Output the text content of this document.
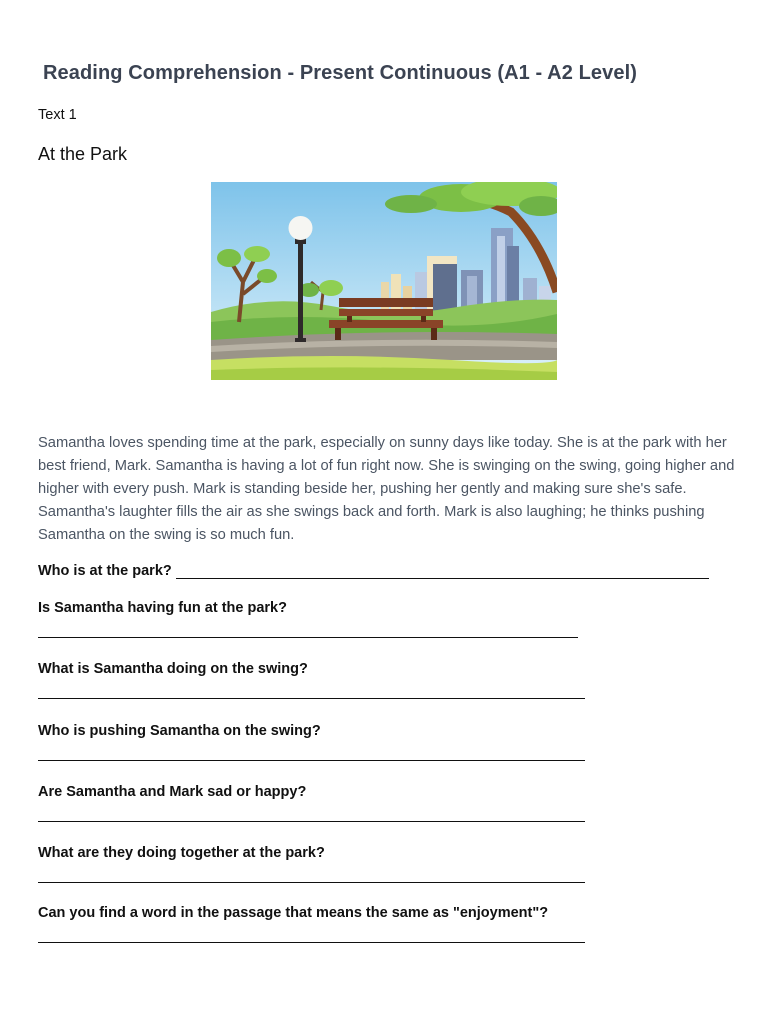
Reading Comprehension - Present Continuous (A1 - A2 Level)
Text 1
At the Park
Samantha loves spending time at the park, especially on sunny days like today. She is at the park with her best friend, Mark. Samantha is having a lot of fun right now. She is swinging on the swing, going higher and higher with every push. Mark is standing beside her, pushing her gently and making sure she's safe. Samantha's laughter fills the air as she swings back and forth. Mark is also laughing; he thinks pushing Samantha on the swing is so much fun.
Who is at the park?
Is Samantha having fun at the park?
What is Samantha doing on the swing?
Who is pushing Samantha on the swing?
Are Samantha and Mark sad or happy?
What are they doing together at the park?
Can you find a word in the passage that means the same as "enjoyment"?
